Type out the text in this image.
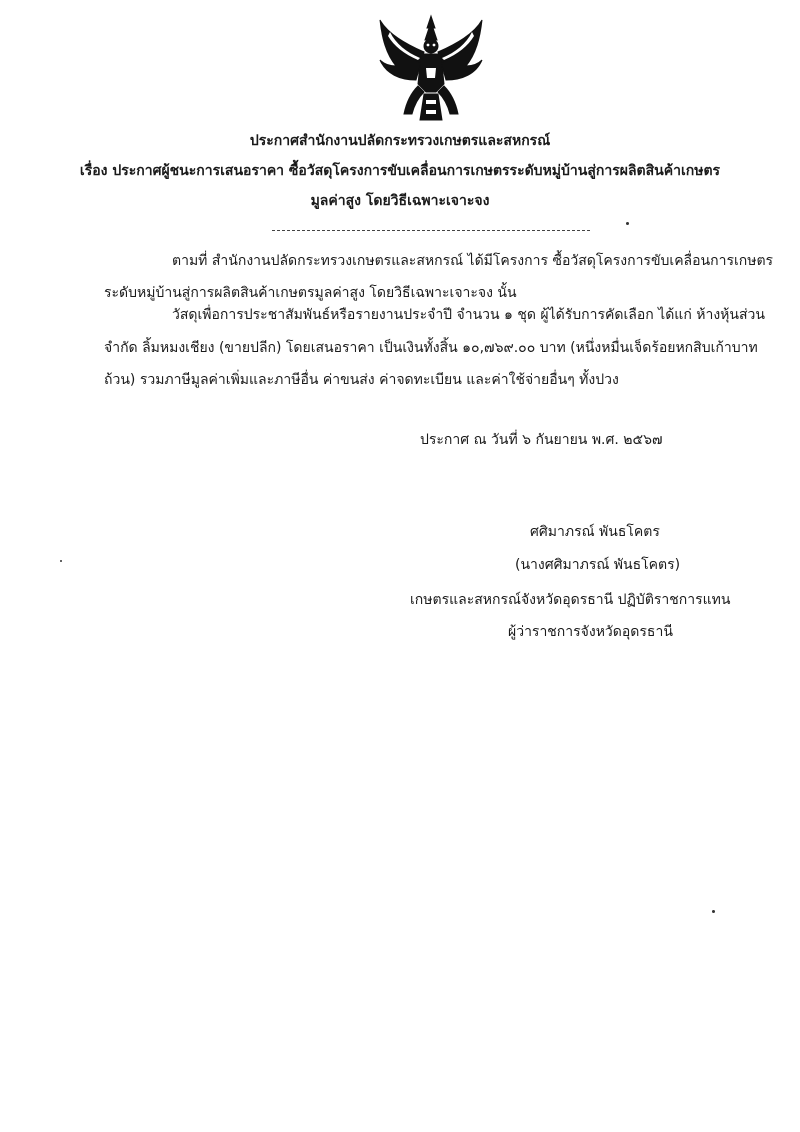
ประกาศสำนักงานปลัดกระทรวงเกษตรและสหกรณ์
เรื่อง ประกาศผู้ชนะการเสนอราคา ซื้อวัสดุโครงการขับเคลื่อนการเกษตรระดับหมู่บ้านสู่การผลิตสินค้าเกษตร
มูลค่าสูง โดยวิธีเฉพาะเจาะจง
ตามที่ สำนักงานปลัดกระทรวงเกษตรและสหกรณ์ ได้มีโครงการ ซื้อวัสดุโครงการขับเคลื่อนการเกษตร
ระดับหมู่บ้านสู่การผลิตสินค้าเกษตรมูลค่าสูง โดยวิธีเฉพาะเจาะจง นั้น
วัสดุเพื่อการประชาสัมพันธ์หรือรายงานประจำปี จำนวน ๑ ชุด ผู้ได้รับการคัดเลือก ได้แก่ ห้างหุ้นส่วน
จำกัด ลิ้มหมงเชียง (ขายปลีก) โดยเสนอราคา เป็นเงินทั้งสิ้น ๑๐,๗๖๙.๐๐ บาท (หนึ่งหมื่นเจ็ดร้อยหกสิบเก้าบาท
ถ้วน) รวมภาษีมูลค่าเพิ่มและภาษีอื่น ค่าขนส่ง ค่าจดทะเบียน และค่าใช้จ่ายอื่นๆ ทั้งปวง
ประกาศ ณ วันที่ ๖ กันยายน พ.ศ. ๒๕๖๗
ศศิมาภรณ์ พันธโคตร
(นางศศิมาภรณ์ พันธโคตร)
เกษตรและสหกรณ์จังหวัดอุดรธานี ปฏิบัติราชการแทน
ผู้ว่าราชการจังหวัดอุดรธานี
